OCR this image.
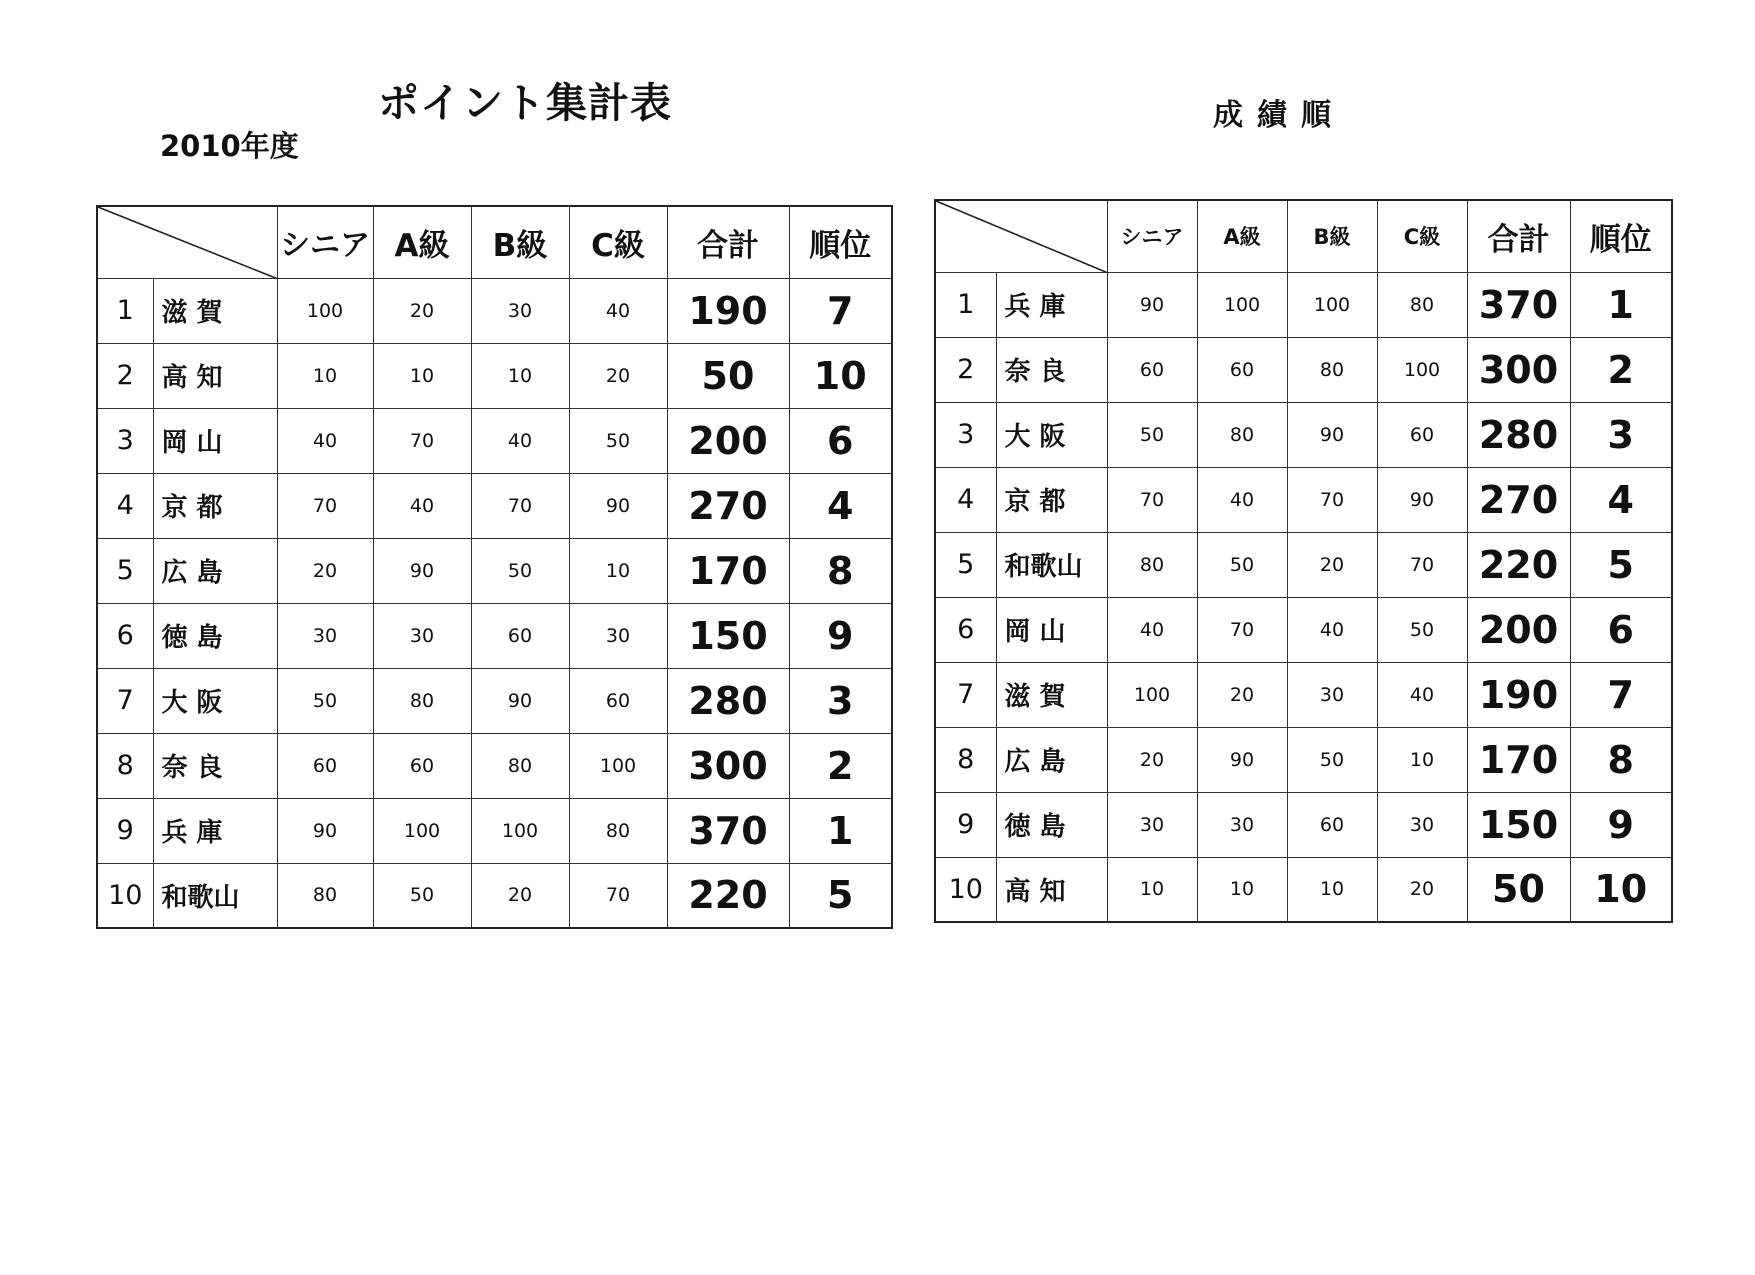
ポイント集計表
2010年度
成績順
	シニア	A級	B級	C級	合計	順位
1	滋 賀	100	20	30	40	190	7
2	高 知	10	10	10	20	50	10
3	岡 山	40	70	40	50	200	6
4	京 都	70	40	70	90	270	4
5	広 島	20	90	50	10	170	8
6	徳 島	30	30	60	30	150	9
7	大 阪	50	80	90	60	280	3
8	奈 良	60	60	80	100	300	2
9	兵 庫	90	100	100	80	370	1
10	和歌山	80	50	20	70	220	5
	シニア	A級	B級	C級	合計	順位
1	兵 庫	90	100	100	80	370	1
2	奈 良	60	60	80	100	300	2
3	大 阪	50	80	90	60	280	3
4	京 都	70	40	70	90	270	4
5	和歌山	80	50	20	70	220	5
6	岡 山	40	70	40	50	200	6
7	滋 賀	100	20	30	40	190	7
8	広 島	20	90	50	10	170	8
9	徳 島	30	30	60	30	150	9
10	高 知	10	10	10	20	50	10
